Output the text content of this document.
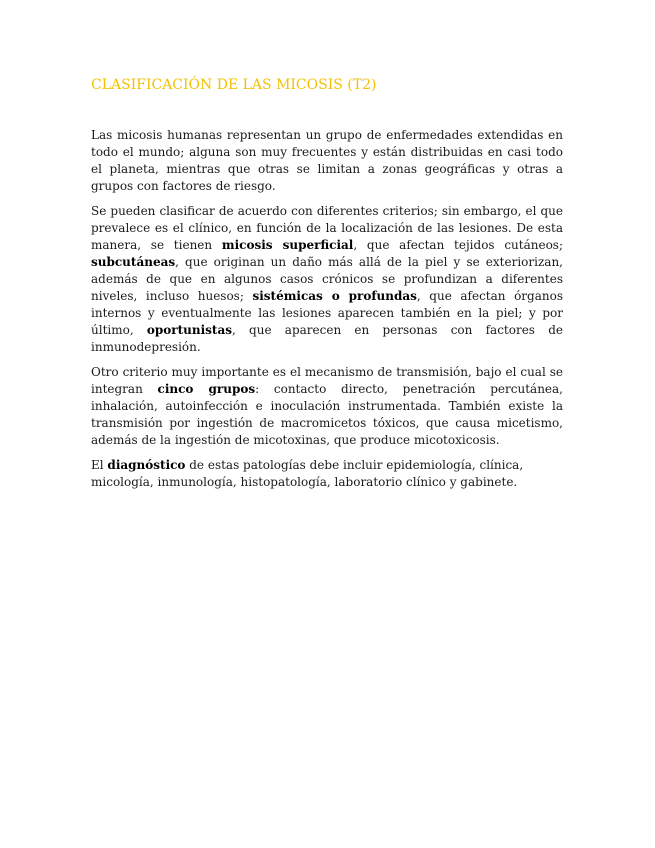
CLASIFICACIÓN DE LAS MICOSIS (T2)

Las micosis humanas representan un grupo de enfermedades extendidas en todo el mundo; alguna son muy frecuentes y están distribuidas en casi todo el planeta, mientras que otras se limitan a zonas geográficas y otras a grupos con factores de riesgo.

Se pueden clasificar de acuerdo con diferentes criterios; sin embargo, el que prevalece es el clínico, en función de la localización de las lesiones. De esta manera, se tienen micosis superficial, que afectan tejidos cutáneos; subcutáneas, que originan un daño más allá de la piel y se exteriorizan, además de que en algunos casos crónicos se profundizan a diferentes niveles, incluso huesos; sistémicas o profundas, que afectan órganos internos y eventualmente las lesiones aparecen también en la piel; y por último, oportunistas, que aparecen en personas con factores de inmunodepresión.

Otro criterio muy importante es el mecanismo de transmisión, bajo el cual se integran cinco grupos: contacto directo, penetración percutánea, inhalación, autoinfección e inoculación instrumentada. También existe la transmisión por ingestión de macromicetos tóxicos, que causa micetismo, además de la ingestión de micotoxinas, que produce micotoxicosis.

El diagnóstico de estas patologías debe incluir epidemiología, clínica, micología, inmunología, histopatología, laboratorio clínico y gabinete.
